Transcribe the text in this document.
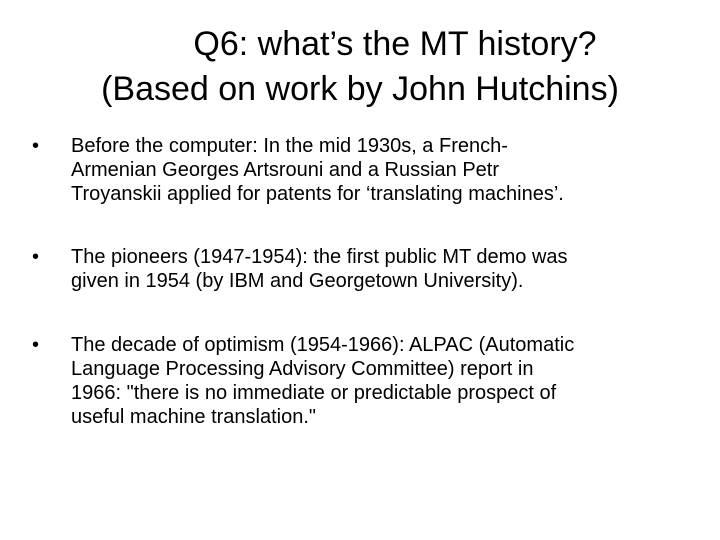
Q6: what’s the MT history?
(Based on work by John Hutchins)
• Before the computer: In the mid 1930s, a French-
Armenian Georges Artsrouni and a Russian Petr
Troyanskii applied for patents for ‘translating machines’.
• The pioneers (1947-1954): the first public MT demo was
given in 1954 (by IBM and Georgetown University).
• The decade of optimism (1954-1966): ALPAC (Automatic
Language Processing Advisory Committee) report in
1966: "there is no immediate or predictable prospect of
useful machine translation."
